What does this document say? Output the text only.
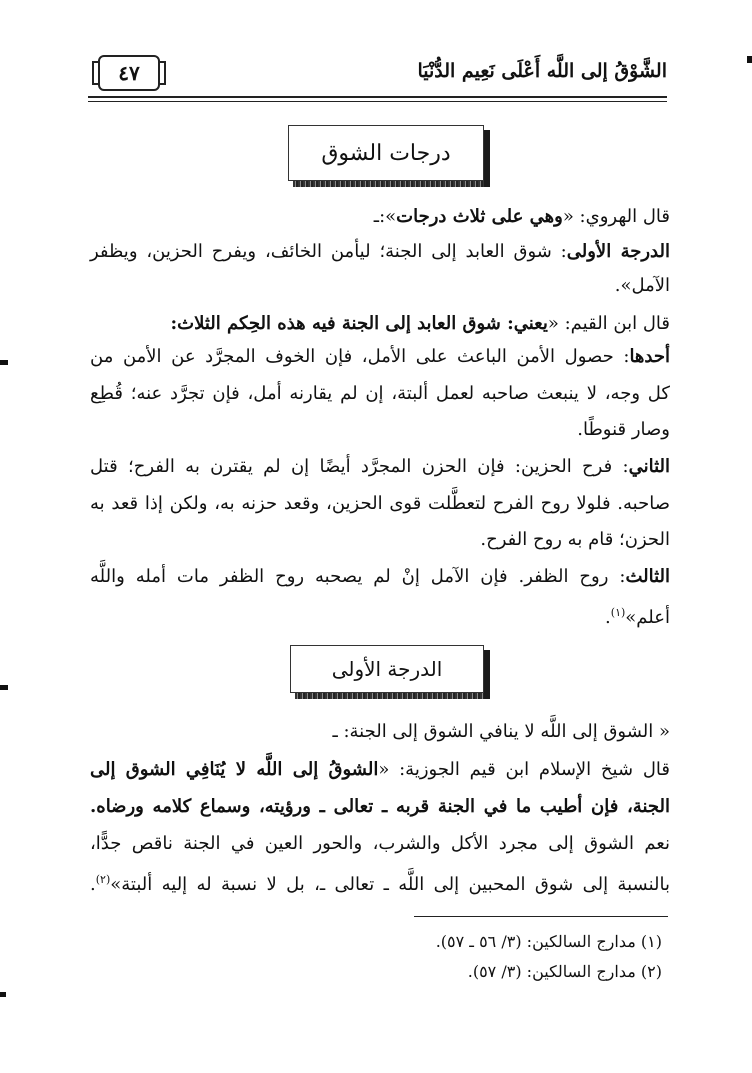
٤٧	الشَّوْقُ إلى اللَّه أَعْلَى نَعِيم الدُّنْيَا
درجات الشوق
قال الهروي: «وهي على ثلاث درجات»:ـ
الدرجة الأولى: شوق العابد إلى الجنة؛ ليأمن الخائف، ويفرح الحزين، ويظفر
الآمل».
قال ابن القيم: «يعني: شوق العابد إلى الجنة فيه هذه الحِكم الثلاث:
أحدها: حصول الأمن الباعث على الأمل، فإن الخوف المجرَّد عن الأمن من
كل وجه، لا ينبعث صاحبه لعمل ألبتة، إن لم يقارنه أمل، فإن تجرَّد عنه؛ قُطِع
وصار قنوطًا.
الثاني: فرح الحزين: فإن الحزن المجرَّد أيضًا إن لم يقترن به الفرح؛ قتل
صاحبه. فلولا روح الفرح لتعطَّلت قوى الحزين، وقعد حزنه به، ولكن إذا قعد به
الحزن؛ قام به روح الفرح.
الثالث: روح الظفر. فإن الآمل إنْ لم يصحبه روح الظفر مات أمله واللَّه
أعلم»$^{(١)}$.
الدرجة الأولى
« الشوق إلى اللَّه لا ينافي الشوق إلى الجنة: ـ
قال شيخ الإسلام ابن قيم الجوزية: «الشوقُ إلى اللَّه لا يُنَافِي الشوق إلى
الجنة، فإن أطيب ما في الجنة قربه ـ تعالى ـ ورؤيته، وسماع كلامه ورضاه.
نعم الشوق إلى مجرد الأكل والشرب، والحور العين في الجنة ناقص جدًّا،
بالنسبة إلى شوق المحبين إلى اللَّه ـ تعالى ـ، بل لا نسبة له إليه ألبتة»$^{(٢)}$.
(١) مدارج السالكين: (٣/ ٥٦ ـ ٥٧).
(٢) مدارج السالكين: (٣/ ٥٧).
